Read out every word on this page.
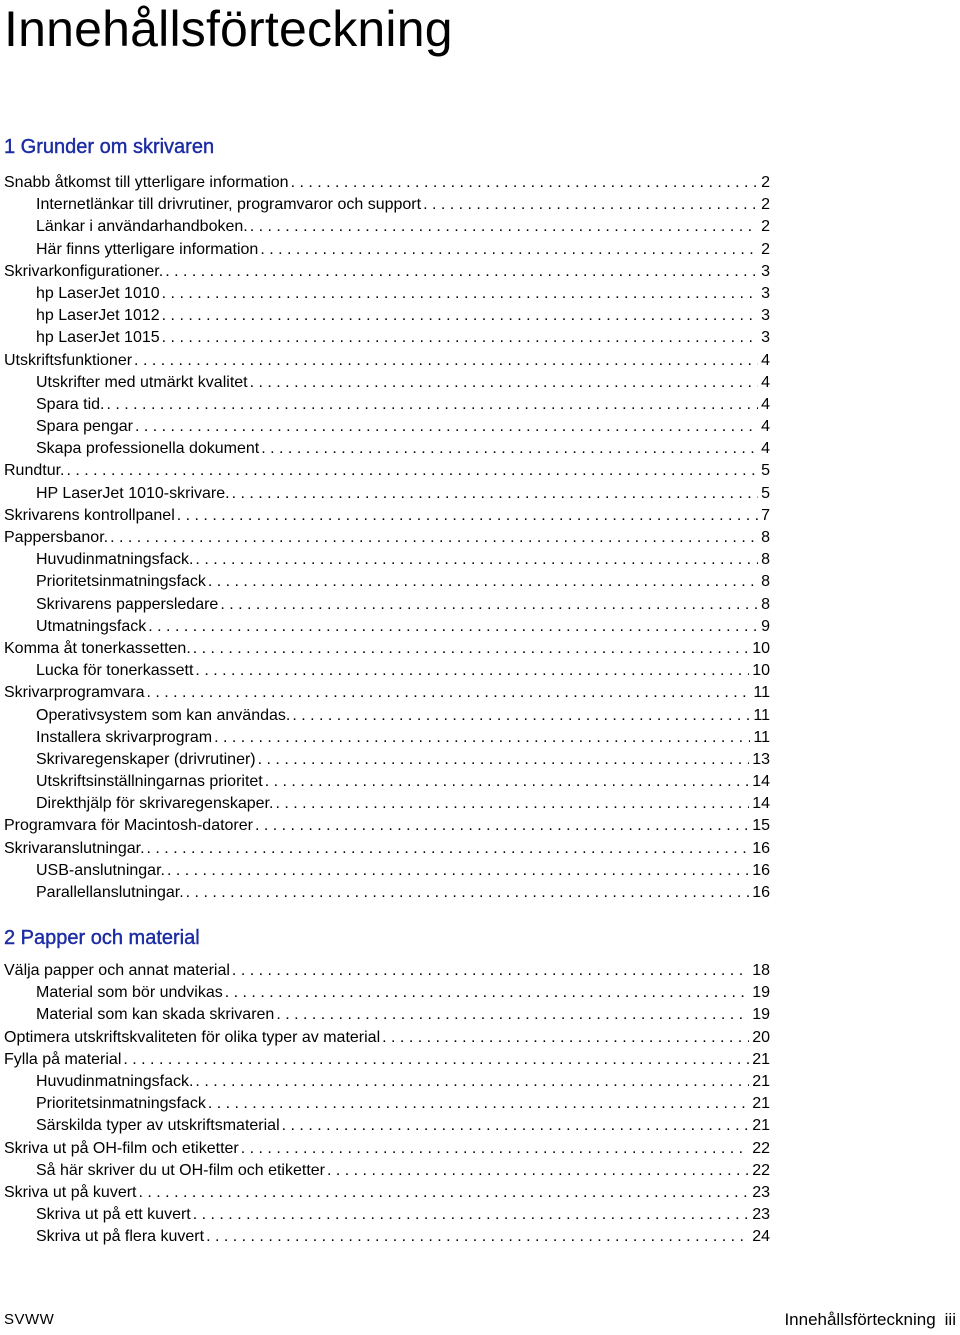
Innehållsförteckning
1 Grunder om skrivaren
Snabb åtkomst till ytterligare information . . .	2
Internetlänkar till drivrutiner, programvaror och support . . .	2
Länkar i användarhandboken. . . .	2
Här finns ytterligare information . . .	2
Skrivarkonfigurationer. . . .	3
hp LaserJet 1010 . . .	3
hp LaserJet 1012 . . .	3
hp LaserJet 1015 . . .	3
Utskriftsfunktioner . . .	4
Utskrifter med utmärkt kvalitet . . .	4
Spara tid. . . .	4
Spara pengar . . .	4
Skapa professionella dokument . . .	4
Rundtur. . . .	5
HP LaserJet 1010-skrivare. . . .	5
Skrivarens kontrollpanel . . .	7
Pappersbanor. . . .	8
Huvudinmatningsfack. . . .	8
Prioritetsinmatningsfack . . .	8
Skrivarens pappersledare . . .	8
Utmatningsfack . . .	9
Komma åt tonerkassetten. . . .	10
Lucka för tonerkassett . . .	10
Skrivarprogramvara . . .	11
Operativsystem som kan användas. . . .	11
Installera skrivarprogram . . .	11
Skrivaregenskaper (drivrutiner) . . .	13
Utskriftsinställningarnas prioritet . . .	14
Direkthjälp för skrivaregenskaper. . . .	14
Programvara för Macintosh-datorer . . .	15
Skrivaranslutningar. . . .	16
USB-anslutningar. . . .	16
Parallellanslutningar. . . .	16
2 Papper och material
Välja papper och annat material . . .	18
Material som bör undvikas . . .	19
Material som kan skada skrivaren . . .	19
Optimera utskriftskvaliteten för olika typer av material . . .	20
Fylla på material . . .	21
Huvudinmatningsfack. . . .	21
Prioritetsinmatningsfack . . .	21
Särskilda typer av utskriftsmaterial . . .	21
Skriva ut på OH-film och etiketter . . .	22
Så här skriver du ut OH-film och etiketter . . .	22
Skriva ut på kuvert . . .	23
Skriva ut på ett kuvert . . .	23
Skriva ut på flera kuvert . . .	24
SVWW	Innehållsförteckning iii
